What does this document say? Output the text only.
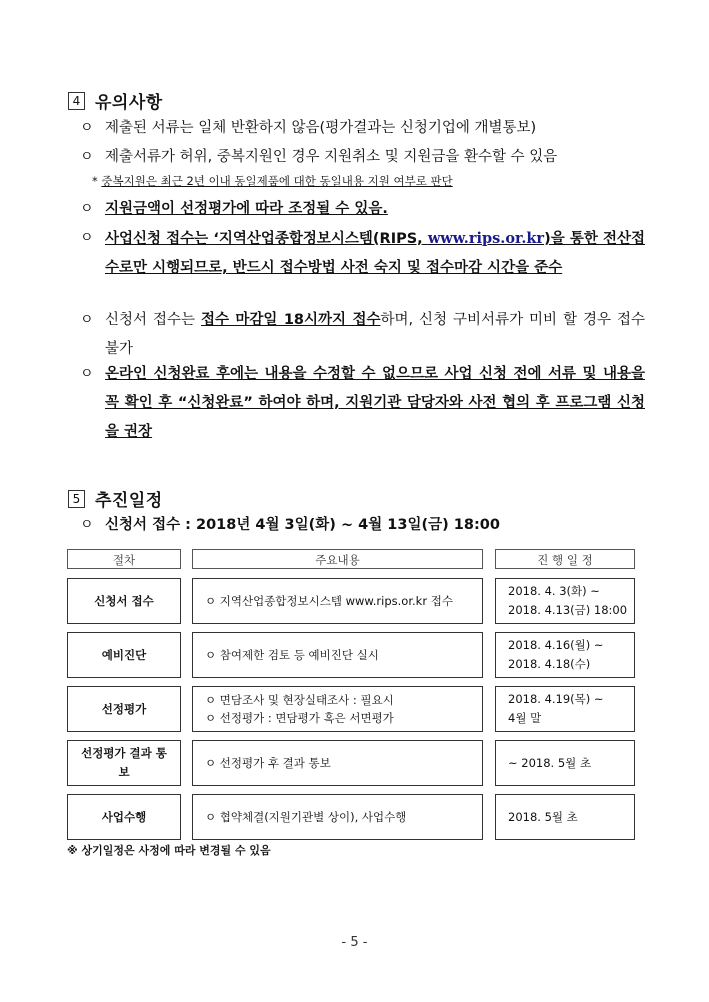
4 유의사항
ㅇ 제출된 서류는 일체 반환하지 않음(평가결과는 신청기업에 개별통보)
ㅇ 제출서류가 허위, 중복지원인 경우 지원취소 및 지원금을 환수할 수 있음
* 중복지원은 최근 2년 이내 동일제품에 대한 동일내용 지원 여부로 판단
ㅇ 지원금액이 선정평가에 따라 조정될 수 있음.
ㅇ 사업신청 접수는 ‘지역산업종합정보시스템(RIPS, www.rips.or.kr)을 통한 전산접수로만 시행되므로, 반드시 접수방법 사전 숙지 및 접수마감 시간을 준수
ㅇ 신청서 접수는 접수 마감일 18시까지 접수하며, 신청 구비서류가 미비 할 경우 접수 불가
ㅇ 온라인 신청완료 후에는 내용을 수정할 수 없으므로 사업 신청 전에 서류 및 내용을 꼭 확인 후 “신청완료” 하여야 하며, 지원기관 담당자와 사전 협의 후 프로그램 신청을 권장
5 추진일정
ㅇ 신청서 접수 : 2018년 4월 3일(화) ~ 4월 13일(금) 18:00
절차	주요내용	진 행 일 정

신청서 접수	ㅇ 지역산업종합정보시스템 www.rips.or.kr 접수	2018. 4. 3(화) ~
2018. 4.13(금) 18:00

예비진단	ㅇ 참여제한 검토 등 예비진단 실시	2018. 4.16(월) ~
2018. 4.18(수)

선정평가	ㅇ 면담조사 및 현장실태조사 : 필요시
ㅇ 선정평가 : 면담평가 혹은 서면평가	2018. 4.19(목) ~
4월 말

선정평가 결과 통보	ㅇ 선정평가 후 결과 통보	~ 2018. 5월 초

사업수행	ㅇ 협약체결(지원기관별 상이), 사업수행	2018. 5월 초
※ 상기일정은 사정에 따라 변경될 수 있음
- 5 -
